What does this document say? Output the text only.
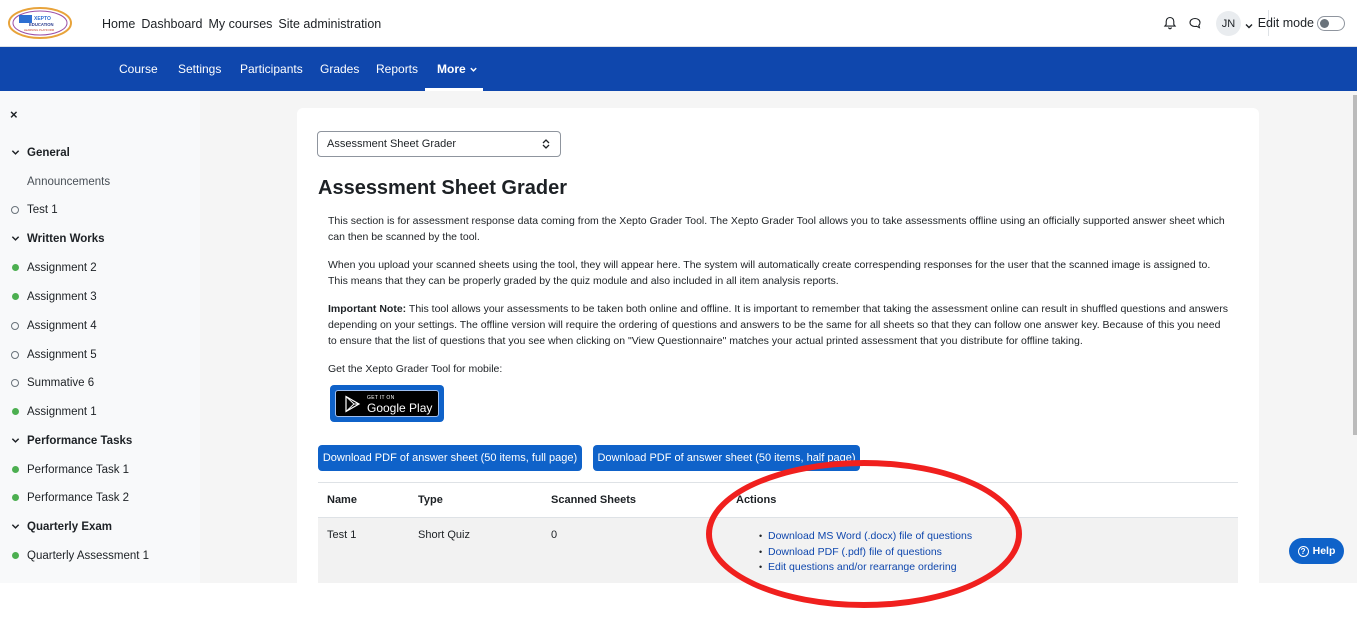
XEPTO
EDUCATION
LEARNING PLATFORM	Home Dashboard My courses Site administration	JN	Edit mode
Course Settings Participants Grades Reports	More
×
General
Announcements
Test 1
Written Works
Assignment 2
Assignment 3
Assignment 4
Assignment 5
Summative 6
Assignment 1
Performance Tasks
Performance Task 1
Performance Task 2
Quarterly Exam
Quarterly Assessment 1
Assessment Sheet Grader
Assessment Sheet Grader

This section is for assessment response data coming from the Xepto Grader Tool. The Xepto Grader Tool allows you to take assessments offline using an officially supported answer sheet which can then be scanned by the tool.

When you upload your scanned sheets using the tool, they will appear here. The system will automatically create correspending responses for the user that the scanned image is assigned to. This means that they can be properly graded by the quiz module and also included in all item analysis reports.

Important Note: This tool allows your assessments to be taken both online and offline. It is important to remember that taking the assessment online can result in shuffled questions and answers depending on your settings. The offline version will require the ordering of questions and answers to be the same for all sheets so that they can follow one answer key. Because of this you need to ensure that the list of questions that you see when clicking on "View Questionnaire" matches your actual printed assessment that you distribute for offline taking.

Get the Xepto Grader Tool for mobile:

GET IT ON
Google Play
Download PDF of answer sheet (50 items, full page)	Download PDF of answer sheet (50 items, half page)
Name	Type	Scanned Sheets	Actions
Test 1	Short Quiz	0
•	Download MS Word (.docx) file of questions
• Download PDF (.pdf) file of questions
• Edit questions and/or rearrange ordering
? Help
